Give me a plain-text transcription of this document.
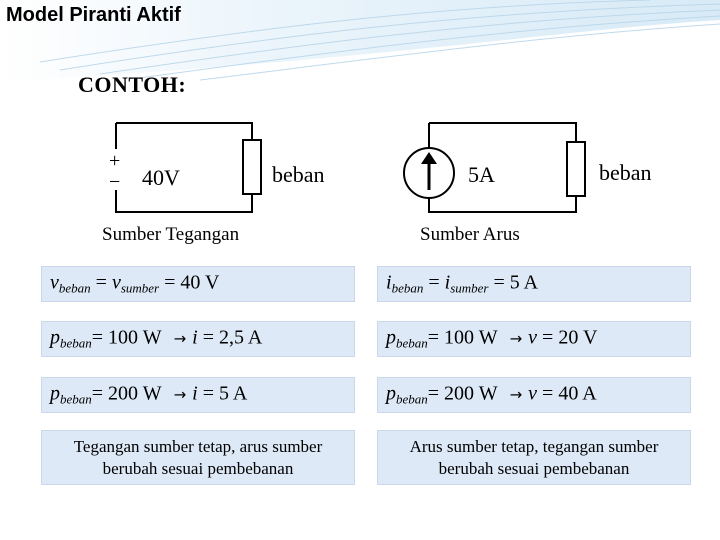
Model Piranti Aktif
CONTOH:
+
− 40V	beban
Sumber Tegangan
5A	beban
Sumber Arus
$v_{beban} = v_{sumber} = 40$ V
$p_{beban}= 100$ W → i = 2,5 A
$p_{beban}= 200$ W → i = 5 A
Tegangan sumber tetap, arus sumber berubah sesuai pembebanan
$i_{beban} = i_{sumber} = 5$ A
$p_{beban}= 100$ W → v = 20 V
$p_{beban}= 200$ W → v = 40 A
Arus sumber tetap, tegangan sumber berubah sesuai pembebanan
